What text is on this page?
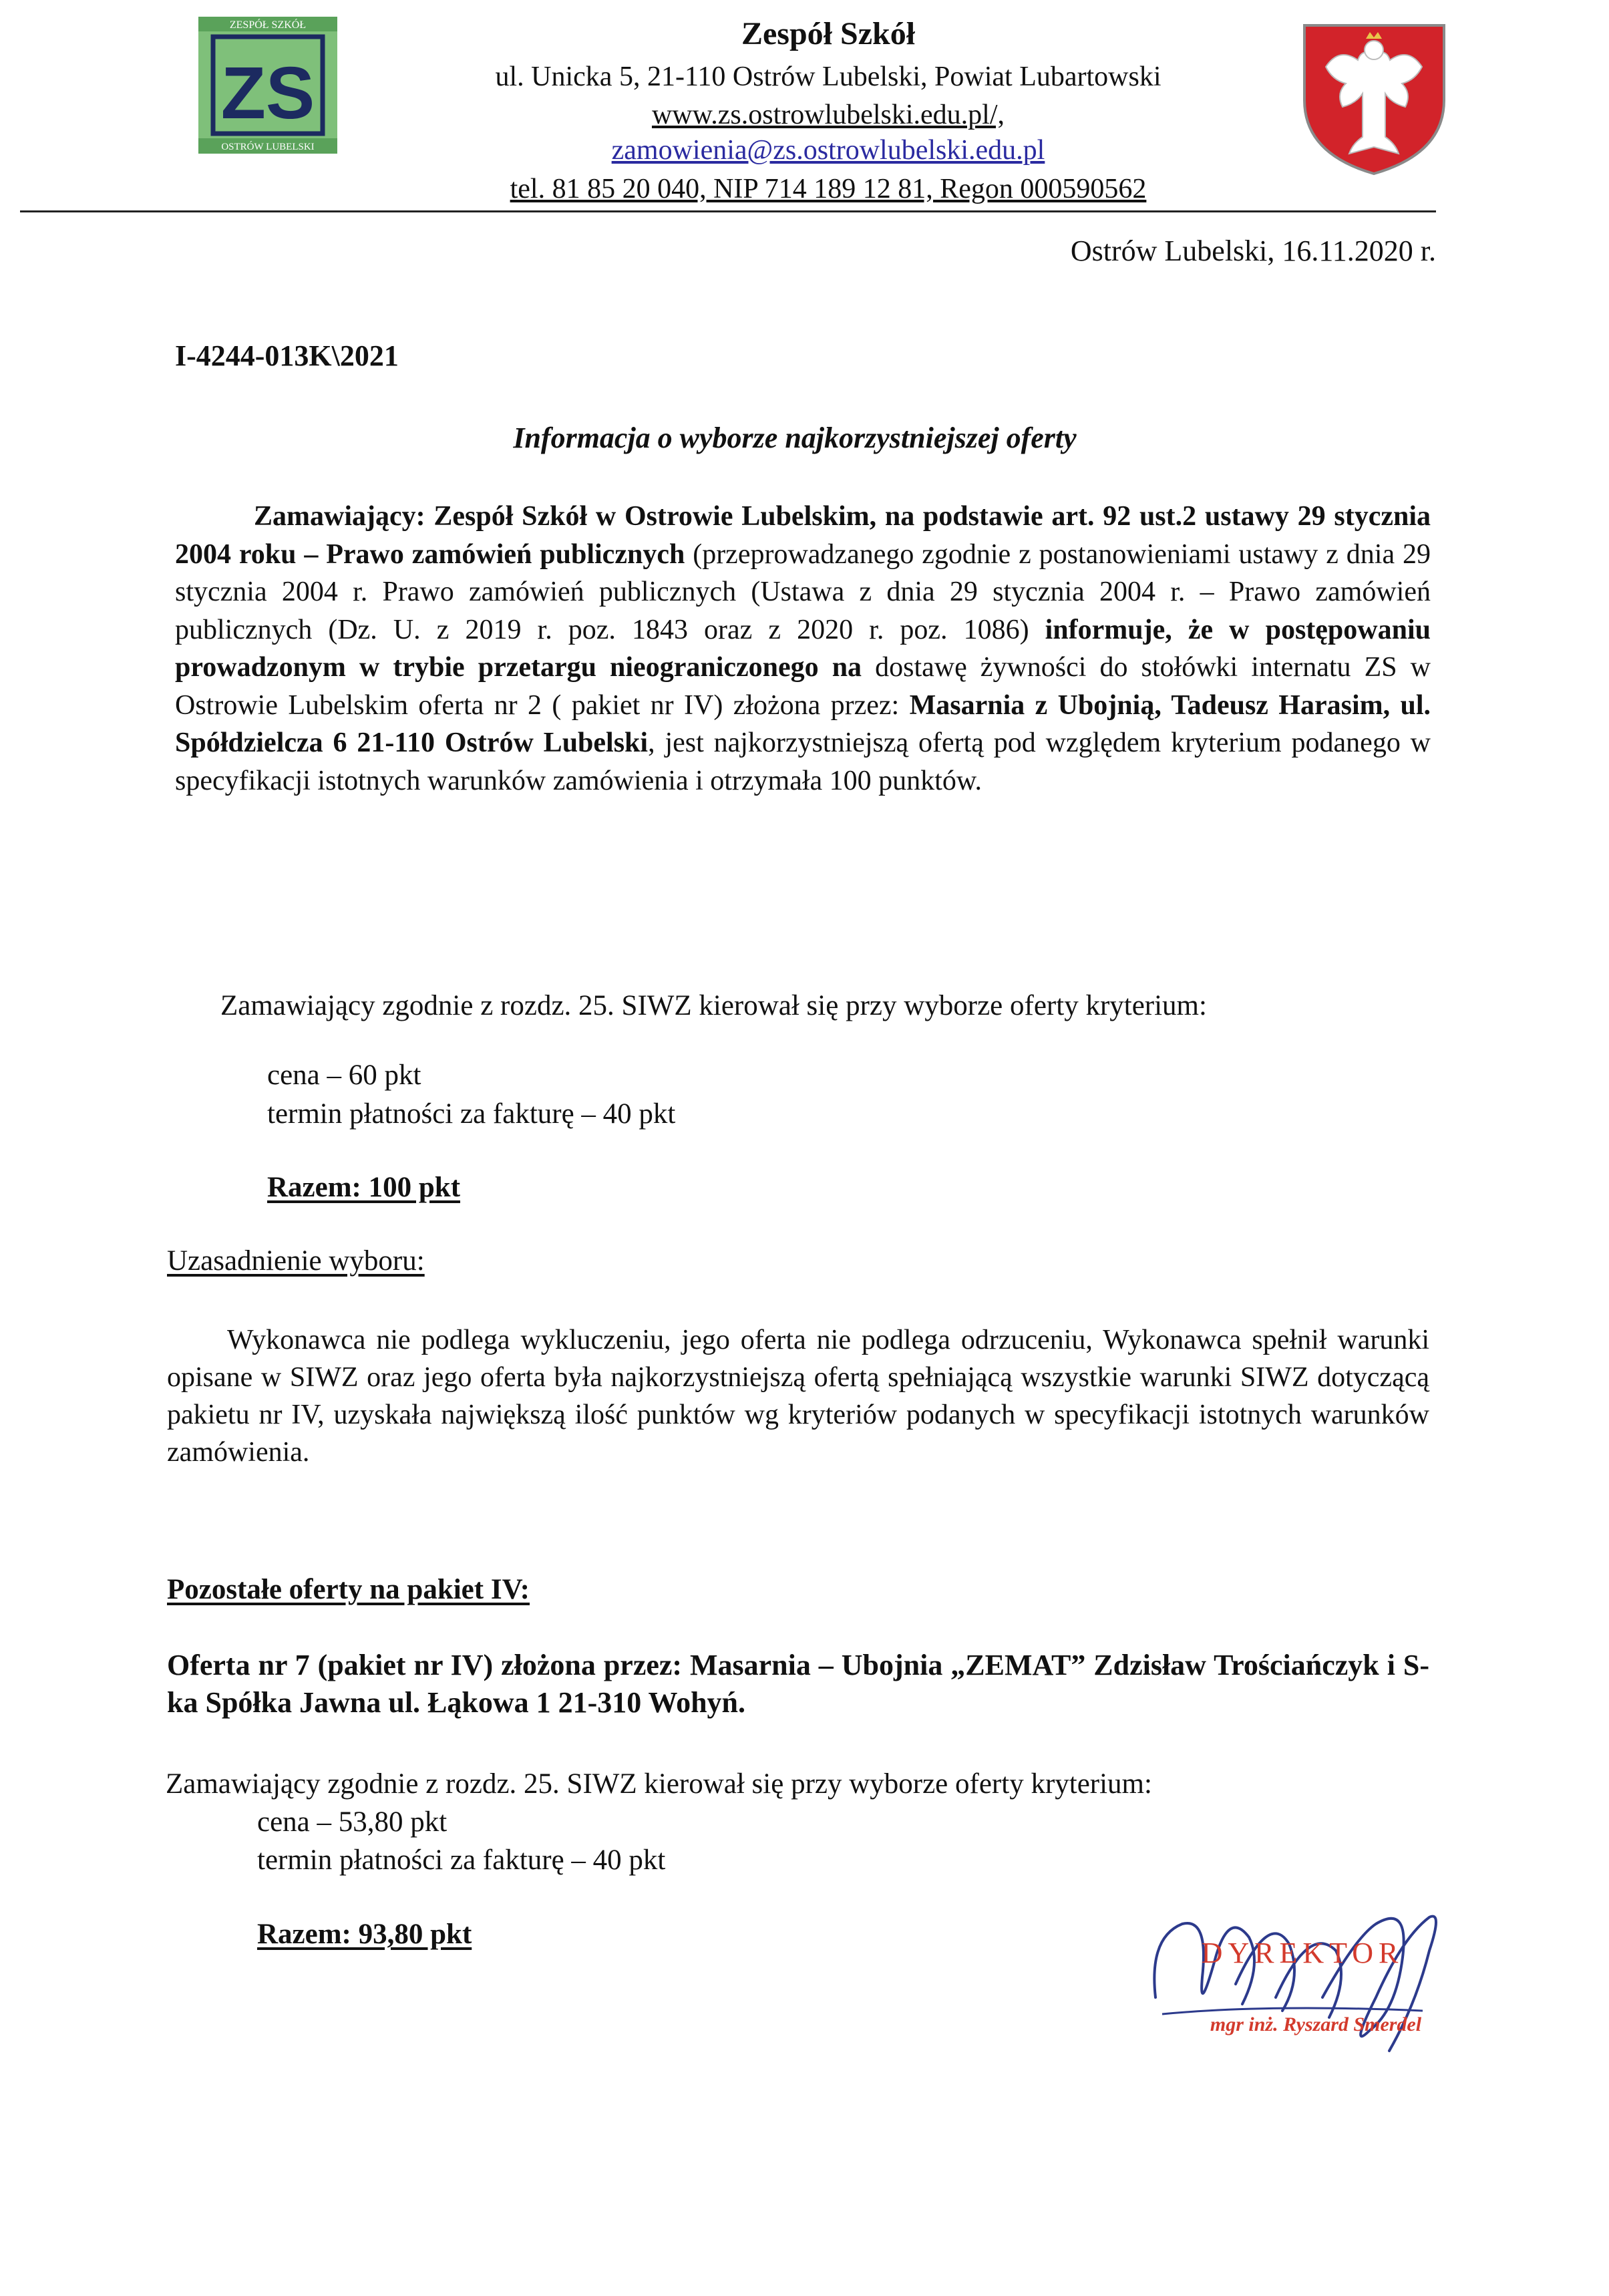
ZESPÓŁ SZKÓŁ
ZS
OSTRÓW LUBELSKI
Zespół Szkół
ul. Unicka 5, 21-110 Ostrów Lubelski, Powiat Lubartowski
www.zs.ostrowlubelski.edu.pl/,
zamowienia@zs.ostrowlubelski.edu.pl
tel. 81 85 20 040, NIP 714 189 12 81, Regon 000590562
Ostrów Lubelski, 16.11.2020 r.
I-4244-013K\2021
Informacja o wyborze najkorzystniejszej oferty
Zamawiający: Zespół Szkół w Ostrowie Lubelskim, na podstawie art. 92 ust.2 ustawy 29 stycznia 2004 roku – Prawo zamówień publicznych (przeprowadzanego zgodnie z postanowieniami ustawy z dnia 29 stycznia 2004 r. Prawo zamówień publicznych (Ustawa z dnia 29 stycznia 2004 r. – Prawo zamówień publicznych (Dz. U. z 2019 r. poz. 1843 oraz z 2020 r. poz. 1086) informuje, że w postępowaniu prowadzonym w trybie przetargu nieograniczonego na dostawę żywności do stołówki internatu ZS w Ostrowie Lubelskim oferta nr 2 ( pakiet nr IV) złożona przez: Masarnia z Ubojnią, Tadeusz Harasim, ul. Spółdzielcza 6 21-110 Ostrów Lubelski, jest najkorzystniejszą ofertą pod względem kryterium podanego w specyfikacji istotnych warunków zamówienia i otrzymała 100 punktów.
Zamawiający zgodnie z rozdz. 25. SIWZ kierował się przy wyborze oferty kryterium:
cena – 60 pkt
termin płatności za fakturę – 40 pkt
Razem: 100 pkt
Uzasadnienie wyboru:
Wykonawca nie podlega wykluczeniu, jego oferta nie podlega odrzuceniu, Wykonawca spełnił warunki opisane w SIWZ oraz jego oferta była najkorzystniejszą ofertą spełniającą wszystkie warunki SIWZ dotyczącą pakietu nr IV, uzyskała największą ilość punktów wg kryteriów podanych w specyfikacji istotnych warunków zamówienia.
Pozostałe oferty na pakiet IV:
Oferta nr 7 (pakiet nr IV) złożona przez: Masarnia – Ubojnia „ZEMAT” Zdzisław Trościańczyk i S-ka Spółka Jawna ul. Łąkowa 1 21-310 Wohyń.
Zamawiający zgodnie z rozdz. 25. SIWZ kierował się przy wyborze oferty kryterium:
cena – 53,80 pkt
termin płatności za fakturę – 40 pkt
Razem: 93,80 pkt
DYREKTOR
mgr inż. Ryszard Smerdel
